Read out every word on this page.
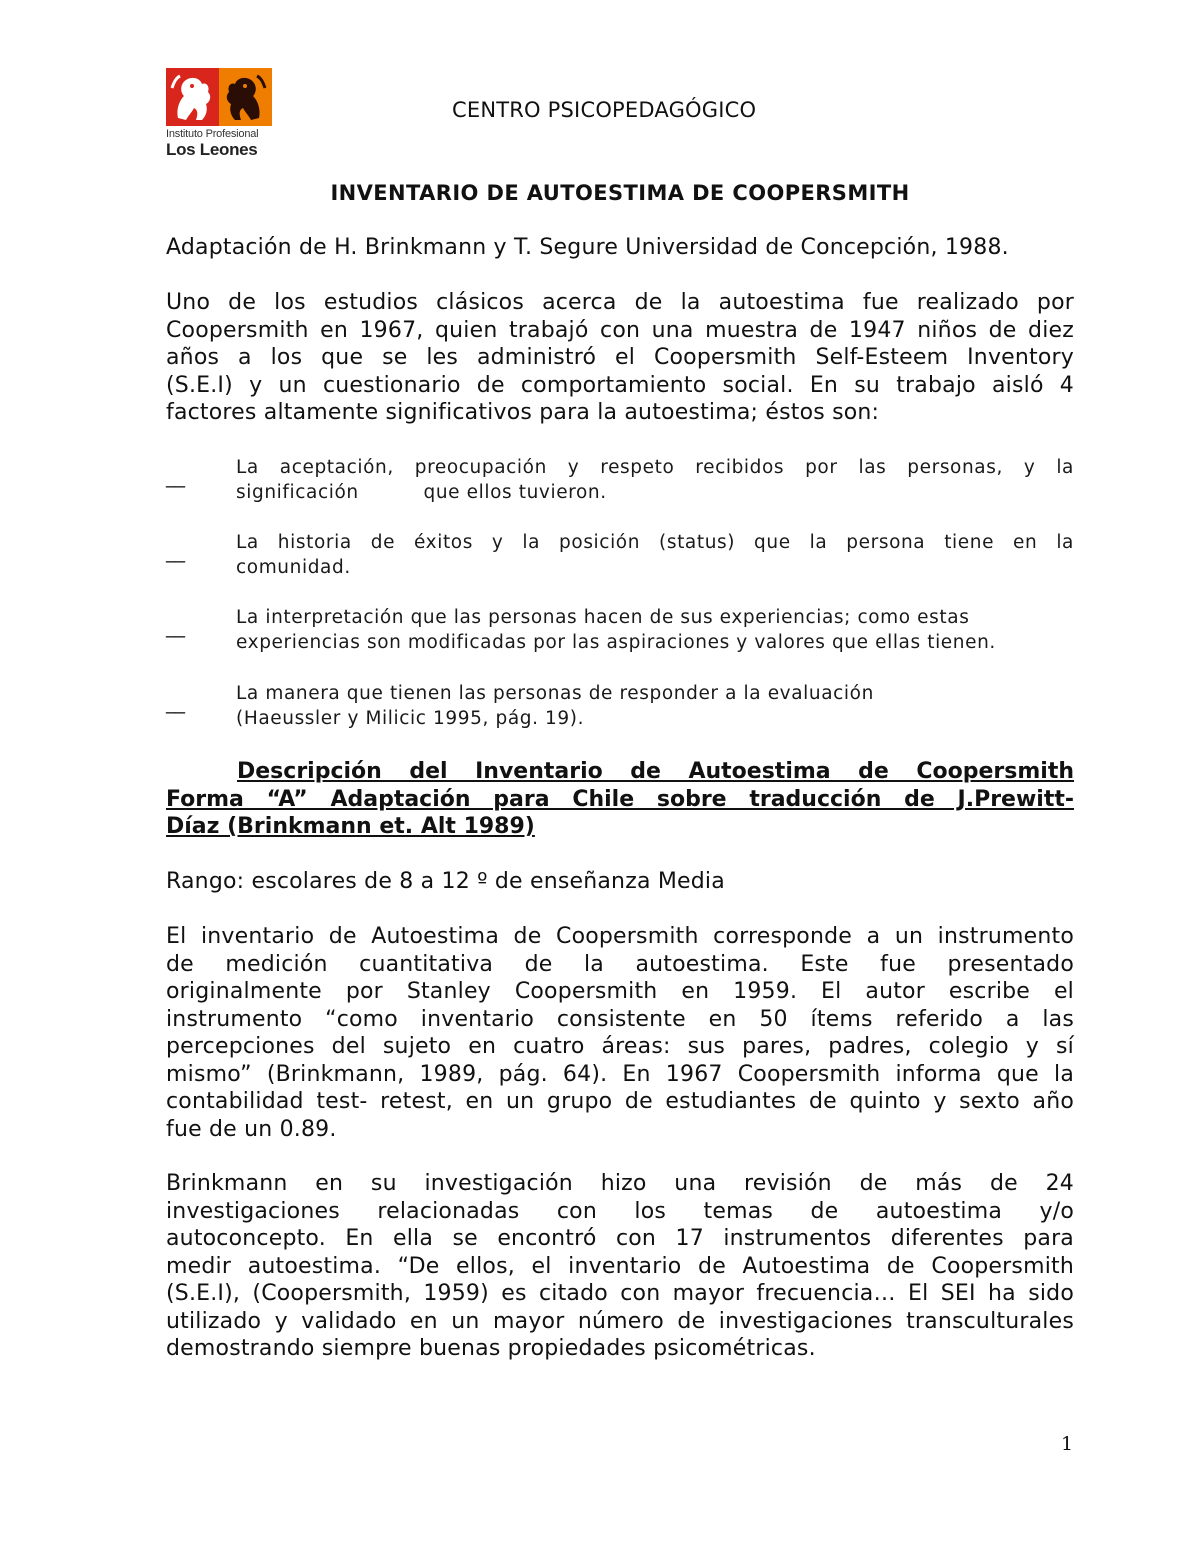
Instituto Profesional
Los Leones
CENTRO PSICOPEDAGÓGICO
INVENTARIO DE AUTOESTIMA DE COOPERSMITH
Adaptación de H. Brinkmann y T. Segure Universidad de Concepción, 1988.
Uno de los estudios clásicos acerca de la autoestima fue realizado por
Coopersmith en 1967, quien trabajó con una muestra de 1947 niños de diez
años a los que se les administró el Coopersmith Self-Esteem Inventory
(S.E.I) y un cuestionario de comportamiento social. En su trabajo aisló 4
factores altamente significativos para la autoestima; éstos son:
__	La aceptación, preocupación y respeto recibidos por las personas, y la
significación          que ellos tuvieron.
__	La historia de éxitos y la posición (status) que la persona tiene en la
comunidad.
__	La interpretación que las personas hacen de sus experiencias; como estas
experiencias son modificadas por las aspiraciones y valores que ellas tienen.
__	La manera que tienen las personas de responder a la evaluación
(Haeussler y Milicic 1995, pág. 19).
Descripción del Inventario de Autoestima de Coopersmith
Forma “A” Adaptación para Chile sobre traducción de J.Prewitt-
Díaz (Brinkmann et. Alt 1989)
Rango: escolares de 8 a 12 º de enseñanza Media
El inventario de Autoestima de Coopersmith corresponde a un instrumento
de medición cuantitativa de la autoestima. Este fue presentado
originalmente por Stanley Coopersmith en 1959. El autor escribe el
instrumento “como inventario consistente en 50 ítems referido a las
percepciones del sujeto en cuatro áreas: sus pares, padres, colegio y sí
mismo” (Brinkmann, 1989, pág. 64). En 1967 Coopersmith informa que la
contabilidad test- retest, en un grupo de estudiantes de quinto y sexto año
fue de un 0.89.
Brinkmann en su investigación hizo una revisión de más de 24
investigaciones relacionadas con los temas de autoestima y/o
autoconcepto. En ella se encontró con 17 instrumentos diferentes para
medir autoestima. “De ellos, el inventario de Autoestima de Coopersmith
(S.E.I), (Coopersmith, 1959) es citado con mayor frecuencia… El SEI ha sido
utilizado y validado en un mayor número de investigaciones transculturales
demostrando siempre buenas propiedades psicométricas.
1
